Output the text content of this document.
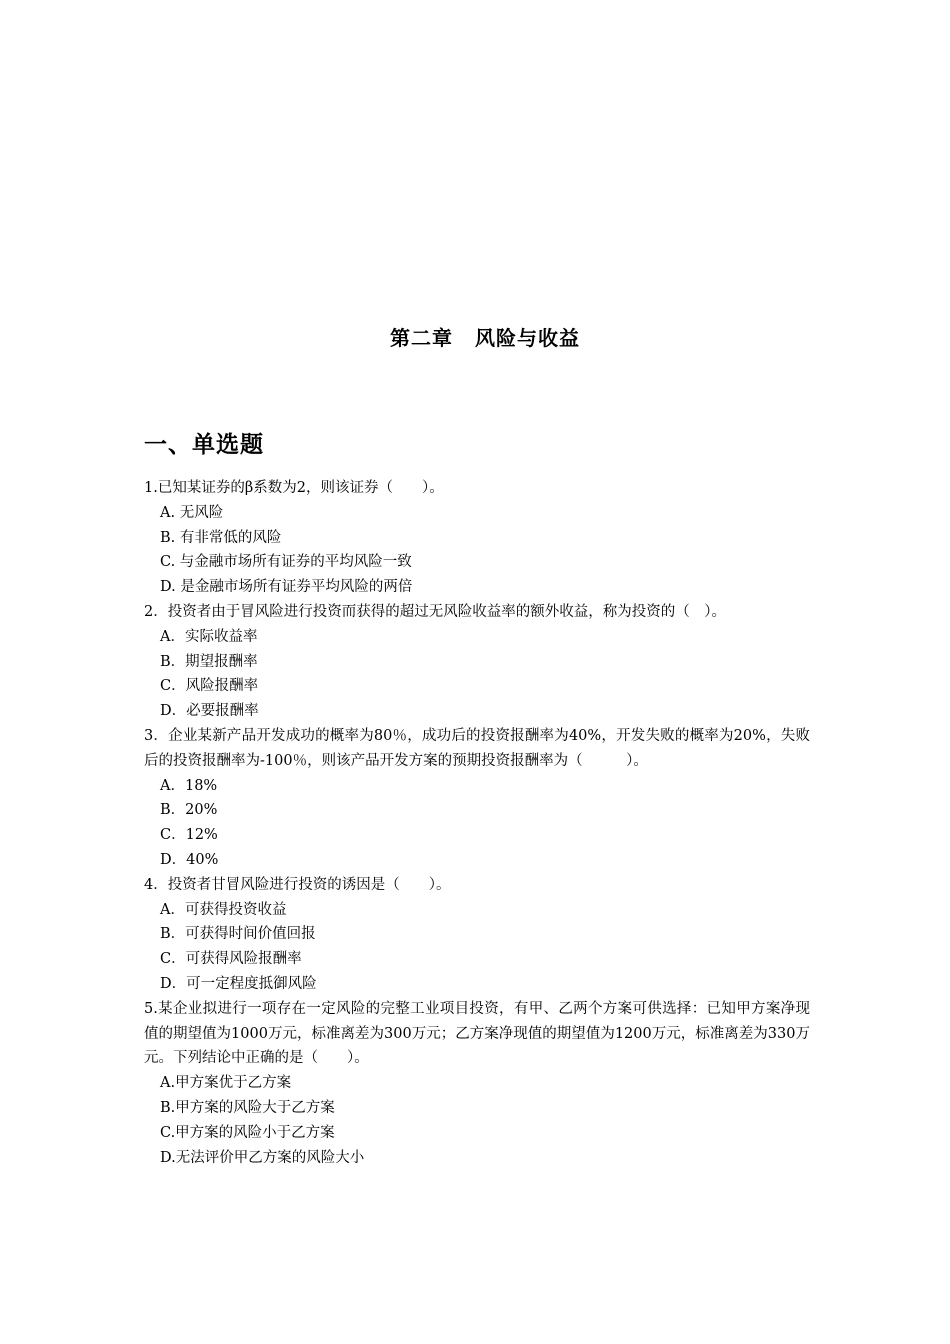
第二章 风险与收益
一、单选题
1.已知某证券的β系数为2，则该证券（　　）。
A. 无风险
B. 有非常低的风险
C. 与金融市场所有证券的平均风险一致
D. 是金融市场所有证券平均风险的两倍
2．投资者由于冒风险进行投资而获得的超过无风险收益率的额外收益，称为投资的（　）。
A．实际收益率
B．期望报酬率
C．风险报酬率
D．必要报酬率
3．企业某新产品开发成功的概率为80％，成功后的投资报酬率为40%，开发失败的概率为20%，失败后的投资报酬率为-100％，则该产品开发方案的预期投资报酬率为（　　　）。
A．18%
B．20%
C．12%
D．40%
4．投资者甘冒风险进行投资的诱因是（　　）。
A．可获得投资收益
B．可获得时间价值回报
C．可获得风险报酬率
D．可一定程度抵御风险
5.某企业拟进行一项存在一定风险的完整工业项目投资，有甲、乙两个方案可供选择：已知甲方案净现值的期望值为1000万元，标准离差为300万元；乙方案净现值的期望值为1200万元，标准离差为330万元。下列结论中正确的是（　　）。
A.甲方案优于乙方案
B.甲方案的风险大于乙方案
C.甲方案的风险小于乙方案
D.无法评价甲乙方案的风险大小
